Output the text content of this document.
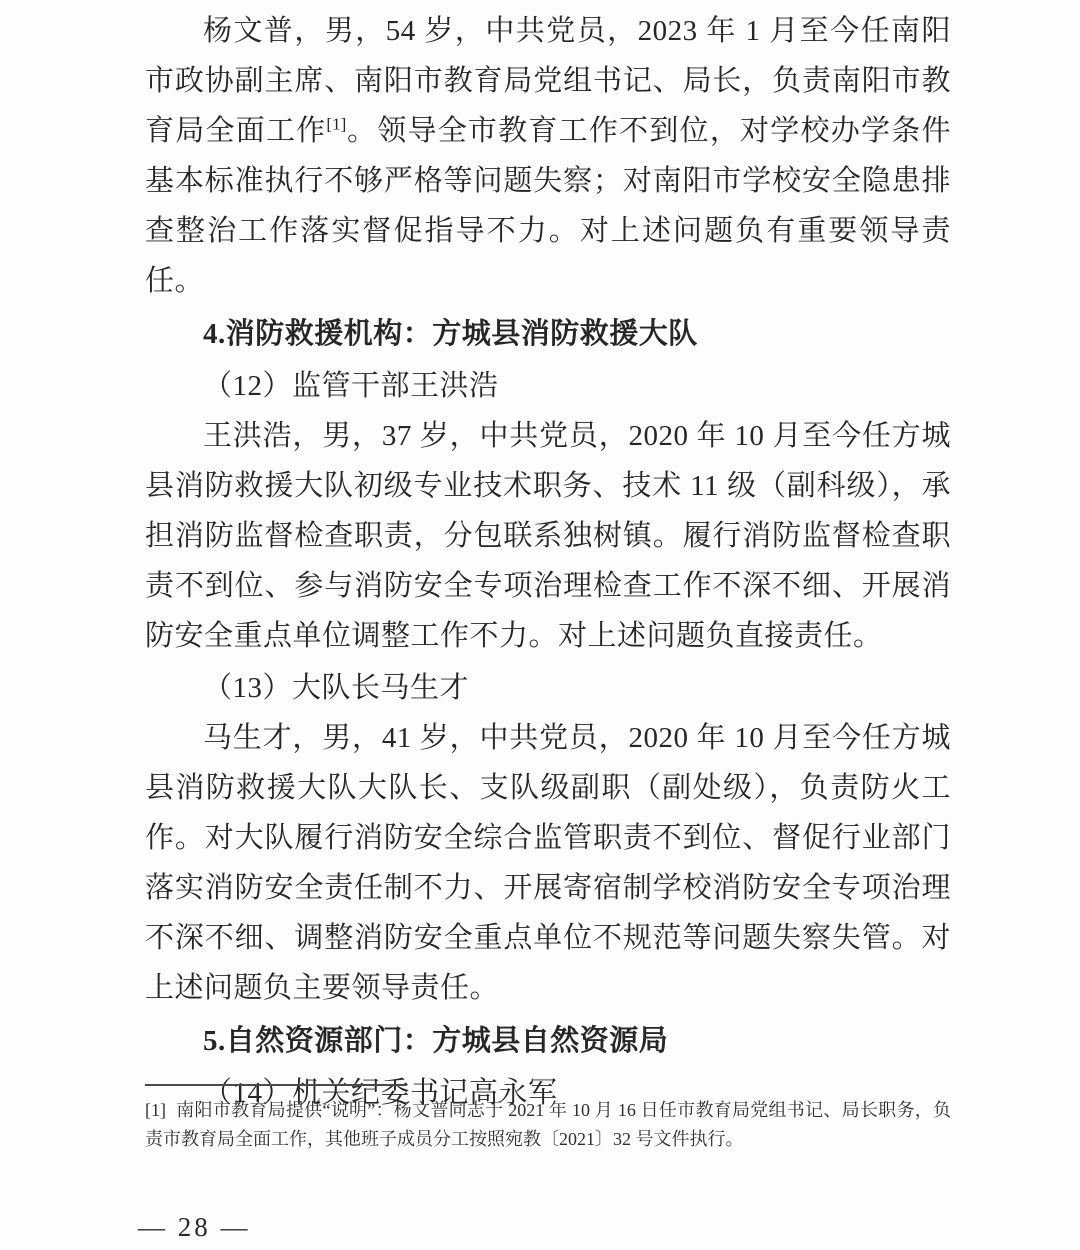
杨文普，男，54 岁，中共党员，2023 年 1 月至今任南阳市政协副主席、南阳市教育局党组书记、局长，负责南阳市教育局全面工作[1]。领导全市教育工作不到位，对学校办学条件基本标准执行不够严格等问题失察；对南阳市学校安全隐患排查整治工作落实督促指导不力。对上述问题负有重要领导责任。

4.消防救援机构：方城县消防救援大队

（12）监管干部王洪浩

王洪浩，男，37 岁，中共党员，2020 年 10 月至今任方城县消防救援大队初级专业技术职务、技术 11 级（副科级），承担消防监督检查职责，分包联系独树镇。履行消防监督检查职责不到位、参与消防安全专项治理检查工作不深不细、开展消防安全重点单位调整工作不力。对上述问题负直接责任。

（13）大队长马生才

马生才，男，41 岁，中共党员，2020 年 10 月至今任方城县消防救援大队大队长、支队级副职（副处级），负责防火工作。对大队履行消防安全综合监管职责不到位、督促行业部门落实消防安全责任制不力、开展寄宿制学校消防安全专项治理不深不细、调整消防安全重点单位不规范等问题失察失管。对上述问题负主要领导责任。

5.自然资源部门：方城县自然资源局

（14）机关纪委书记高永军

[1] 南阳市教育局提供“说明”：杨文普同志于 2021 年 10 月 16 日任市教育局党组书记、局长职务，负责市教育局全面工作，其他班子成员分工按照宛教〔2021〕32 号文件执行。

— 28 —
